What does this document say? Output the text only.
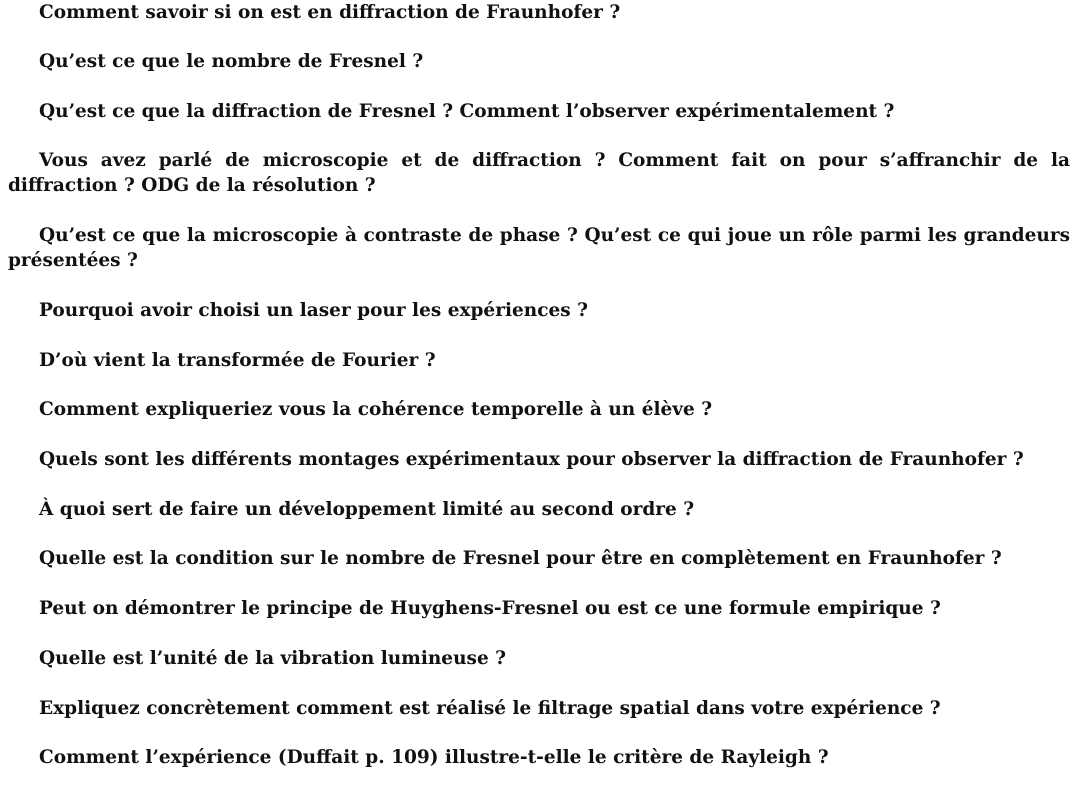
Comment savoir si on est en diffraction de Fraunhofer ?

Qu’est ce que le nombre de Fresnel ?

Qu’est ce que la diffraction de Fresnel ? Comment l’observer expérimentalement ?

Vous avez parlé de microscopie et de diffraction ? Comment fait on pour s’affranchir de la diffraction ? ODG de la résolution ?

Qu’est ce que la microscopie à contraste de phase ? Qu’est ce qui joue un rôle parmi les grandeurs présentées ?

Pourquoi avoir choisi un laser pour les expériences ?

D’où vient la transformée de Fourier ?

Comment expliqueriez vous la cohérence temporelle à un élève ?

Quels sont les différents montages expérimentaux pour observer la diffraction de Fraunhofer ?

À quoi sert de faire un développement limité au second ordre ?

Quelle est la condition sur le nombre de Fresnel pour être en complètement en Fraunhofer ?

Peut on démontrer le principe de Huyghens-Fresnel ou est ce une formule empirique ?

Quelle est l’unité de la vibration lumineuse ?

Expliquez concrètement comment est réalisé le filtrage spatial dans votre expérience ?

Comment l’expérience (Duffait p. 109) illustre-t-elle le critère de Rayleigh ?
